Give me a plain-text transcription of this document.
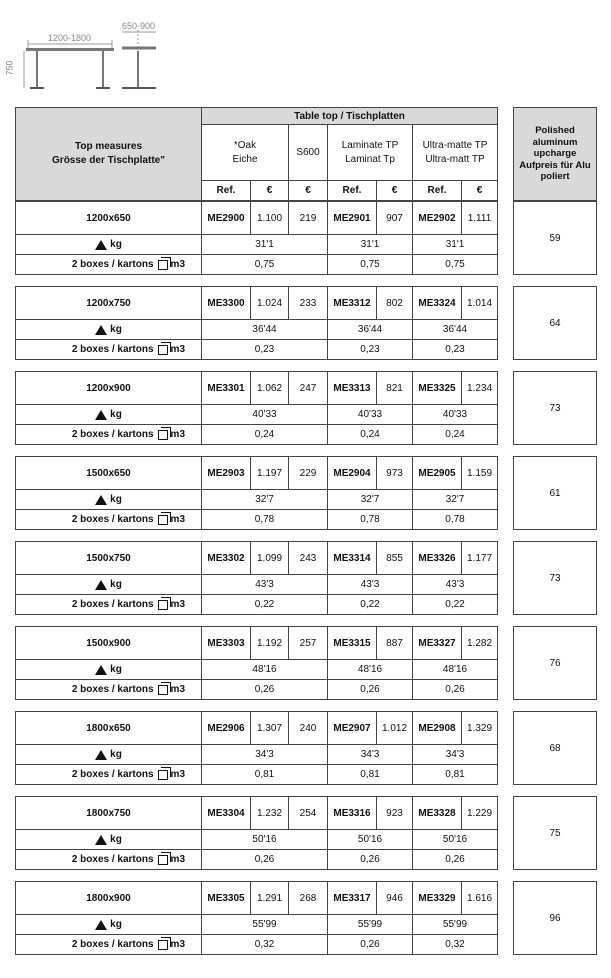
1200-1800
650-900
750
Top measures
Grösse der Tischplatte"
Table top / Tischplatten
*Oak
Eiche
S600
Laminate TP
Laminat Tp
Ultra-matte TP
Ultra-matt TP
Ref.	€	€	Ref.	€	Ref.	€
Polished aluminum upcharge
Aufpreis für Alu poliert
1200x650	ME2900	1.100	219	ME2901	907	ME2902	1.111
kg	31'1	31'1	31'1
2 boxes / kartons m3	0,75	0,75	0,75
59
1200x750	ME3300	1.024	233	ME3312	802	ME3324	1.014
kg	36'44	36'44	36'44
2 boxes / kartons m3	0,23	0,23	0,23
64
1200x900	ME3301	1.062	247	ME3313	821	ME3325	1.234
kg	40'33	40'33	40'33
2 boxes / kartons m3	0,24	0,24	0,24
73
1500x650	ME2903	1.197	229	ME2904	973	ME2905	1.159
kg	32'7	32'7	32'7
2 boxes / kartons m3	0,78	0,78	0,78
61
1500x750	ME3302	1.099	243	ME3314	855	ME3326	1.177
kg	43'3	43'3	43'3
2 boxes / kartons m3	0,22	0,22	0,22
73
1500x900	ME3303	1.192	257	ME3315	887	ME3327	1.282
kg	48'16	48'16	48'16
2 boxes / kartons m3	0,26	0,26	0,26
76
1800x650	ME2906	1.307	240	ME2907	1.012	ME2908	1.329
kg	34'3	34'3	34'3
2 boxes / kartons m3	0,81	0,81	0,81
68
1800x750	ME3304	1.232	254	ME3316	923	ME3328	1.229
kg	50'16	50'16	50'16
2 boxes / kartons m3	0,26	0,26	0,26
75
1800x900	ME3305	1.291	268	ME3317	946	ME3329	1.616
kg	55'99	55'99	55'99
2 boxes / kartons m3	0,32	0,26	0,32
96
